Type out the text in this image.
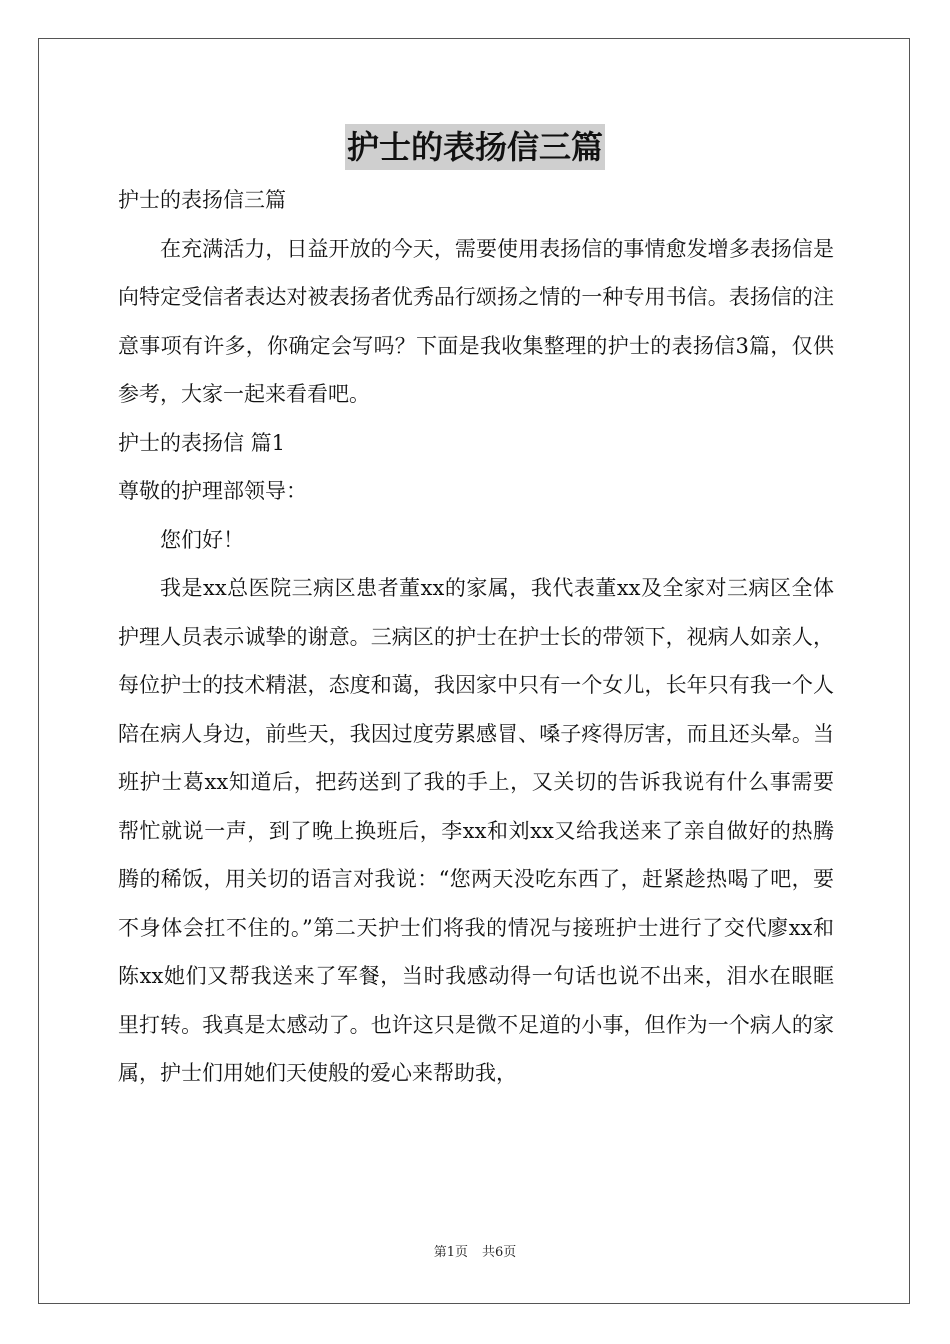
护士的表扬信三篇

护士的表扬信三篇

在充满活力，日益开放的今天，需要使用表扬信的事情愈发增多表扬信是向特定受信者表达对被表扬者优秀品行颂扬之情的一种专用书信。表扬信的注意事项有许多，你确定会写吗？下面是我收集整理的护士的表扬信3篇，仅供参考，大家一起来看看吧。

护士的表扬信 篇1

尊敬的护理部领导：

您们好！

我是xx总医院三病区患者董xx的家属，我代表董xx及全家对三病区全体护理人员表示诚挚的谢意。三病区的护士在护士长的带领下，视病人如亲人，每位护士的技术精湛，态度和蔼，我因家中只有一个女儿，长年只有我一个人陪在病人身边，前些天，我因过度劳累感冒、嗓子疼得厉害，而且还头晕。当班护士葛xx知道后，把药送到了我的手上，又关切的告诉我说有什么事需要帮忙就说一声，到了晚上换班后，李xx和刘xx又给我送来了亲自做好的热腾腾的稀饭，用关切的语言对我说：“您两天没吃东西了，赶紧趁热喝了吧，要不身体会扛不住的。”第二天护士们将我的情况与接班护士进行了交代廖xx和陈xx她们又帮我送来了军餐，当时我感动得一句话也说不出来，泪水在眼眶里打转。我真是太感动了。也许这只是微不足道的小事，但作为一个病人的家属，护士们用她们天使般的爱心来帮助我，

第1页 共6页
